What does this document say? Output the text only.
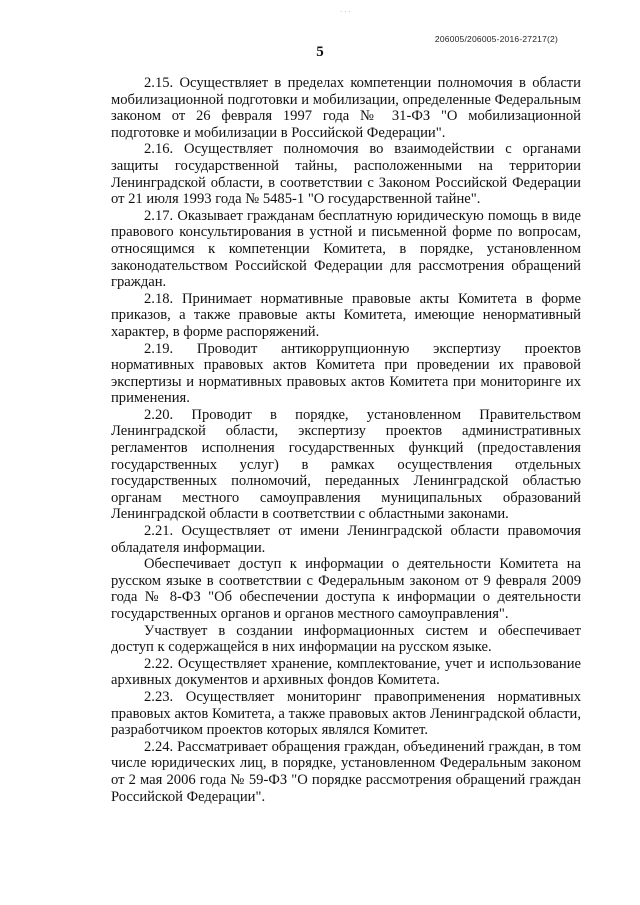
· · ·
206005/206005-2016-27217(2)
5

2.15. Осуществляет в пределах компетенции полномочия в области мобилизационной подготовки и мобилизации, определенные Федеральным законом от 26 февраля 1997 года № 31-ФЗ "О мобилизационной подготовке и мобилизации в Российской Федерации".

2.16. Осуществляет полномочия во взаимодействии с органами защиты государственной тайны, расположенными на территории Ленинградской области, в соответствии с Законом Российской Федерации от 21 июля 1993 года № 5485-1 "О государственной тайне".

2.17. Оказывает гражданам бесплатную юридическую помощь в виде правового консультирования в устной и письменной форме по вопросам, относящимся к компетенции Комитета, в порядке, установленном законодательством Российской Федерации для рассмотрения обращений граждан.

2.18. Принимает нормативные правовые акты Комитета в форме приказов, а также правовые акты Комитета, имеющие ненормативный характер, в форме распоряжений.

2.19. Проводит антикоррупционную экспертизу проектов нормативных правовых актов Комитета при проведении их правовой экспертизы и нормативных правовых актов Комитета при мониторинге их применения.

2.20. Проводит в порядке, установленном Правительством Ленинградской области, экспертизу проектов административных регламентов исполнения государственных функций (предоставления государственных услуг) в рамках осуществления отдельных государственных полномочий, переданных Ленинградской областью органам местного самоуправления муниципальных образований Ленинградской области в соответствии с областными законами.

2.21. Осуществляет от имени Ленинградской области правомочия обладателя информации.

Обеспечивает доступ к информации о деятельности Комитета на русском языке в соответствии с Федеральным законом от 9 февраля 2009 года № 8-ФЗ "Об обеспечении доступа к информации о деятельности государственных органов и органов местного самоуправления".

Участвует в создании информационных систем и обеспечивает доступ к содержащейся в них информации на русском языке.

2.22. Осуществляет хранение, комплектование, учет и использование архивных документов и архивных фондов Комитета.

2.23. Осуществляет мониторинг правоприменения нормативных правовых актов Комитета, а также правовых актов Ленинградской области, разработчиком проектов которых являлся Комитет.

2.24. Рассматривает обращения граждан, объединений граждан, в том числе юридических лиц, в порядке, установленном Федеральным законом от 2 мая 2006 года № 59-ФЗ "О порядке рассмотрения обращений граждан Российской Федерации".
